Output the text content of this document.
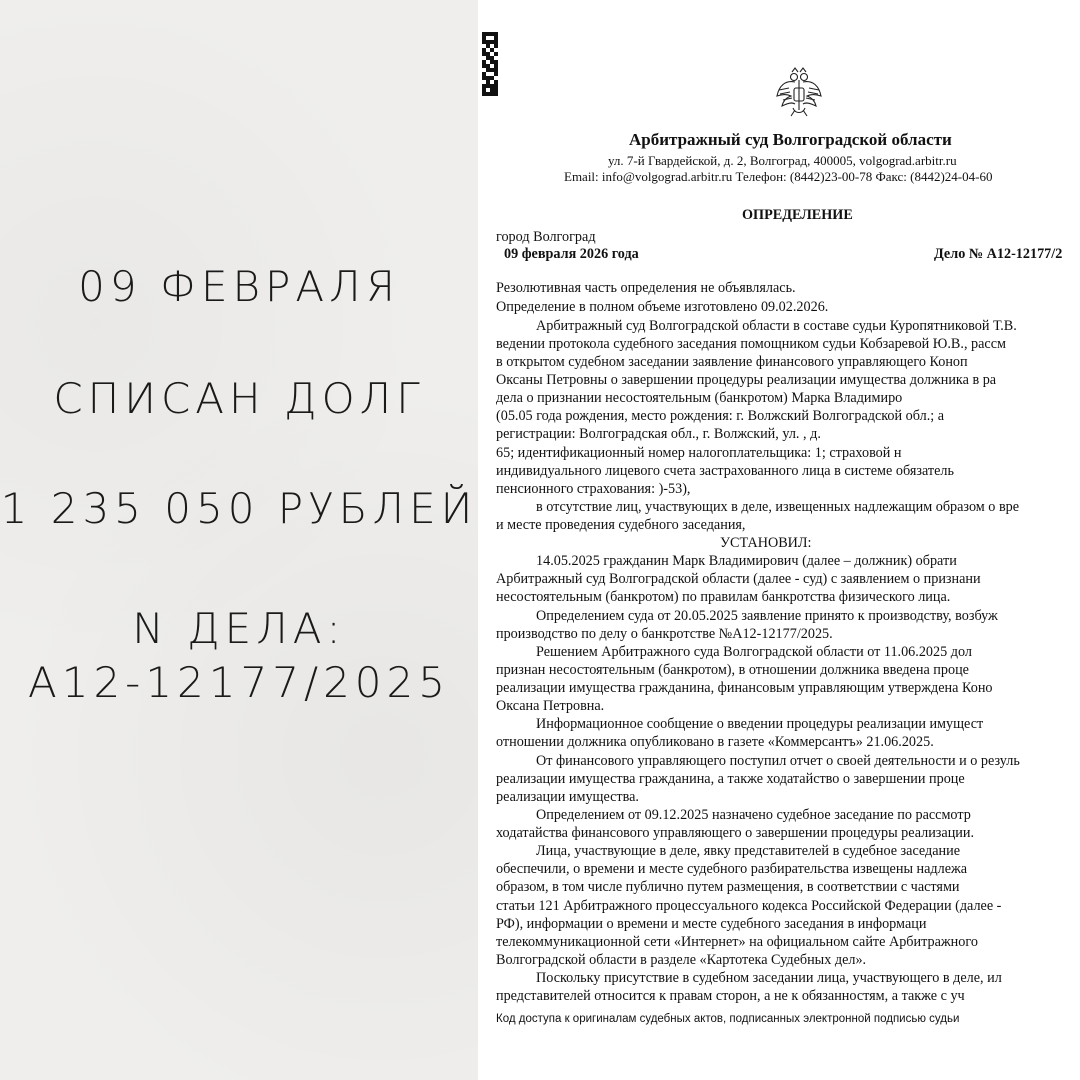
09 ФЕВРАЛЯ
СПИСАН ДОЛГ
1 235 050 РУБЛЕЙ
N ДЕЛА:
А12-12177/2025
Арбитражный суд Волгоградской области
ул. 7-й Гвардейской, д. 2, Волгоград, 400005, volgograd.arbitr.ru
Email: info@volgograd.arbitr.ru Телефон: (8442)23-00-78 Факс: (8442)24-04-60
ОПРЕДЕЛЕНИЕ
город Волгоград
09 февраля 2026 года	Дело № А12-12177/2
Резолютивная часть определения не объявлялась.
Определение в полном объеме изготовлено 09.02.2026.
Арбитражный суд Волгоградской области в составе судьи Куропятниковой Т.В.
ведении протокола судебного заседания помощником судьи Кобзаревой Ю.В., рассм
в открытом судебном заседании заявление финансового управляющего Коноп
Оксаны Петровны о завершении процедуры реализации имущества должника в ра
дела о признании несостоятельным (банкротом) Марка Владимиро
(05.05 года рождения, место рождения: г. Волжский Волгоградской обл.; а
регистрации: Волгоградская обл., г. Волжский, ул. , д.
65; идентификационный номер налогоплательщика: 1; страховой н
индивидуального лицевого счета застрахованного лица в системе обязатель
пенсионного страхования: )-53),
в отсутствие лиц, участвующих в деле, извещенных надлежащим образом о вре
и месте проведения судебного заседания,
УСТАНОВИЛ:
14.05.2025 гражданин Марк Владимирович (далее – должник) обрати
Арбитражный суд Волгоградской области (далее - суд) с заявлением о признани
несостоятельным (банкротом) по правилам банкротства физического лица.
Определением суда от 20.05.2025 заявление принято к производству, возбуж
производство по делу о банкротстве №А12-12177/2025.
Решением Арбитражного суда Волгоградской области от 11.06.2025 дол
признан несостоятельным (банкротом), в отношении должника введена проце
реализации имущества гражданина, финансовым управляющим утверждена Коно
Оксана Петровна.
Информационное сообщение о введении процедуры реализации имущест
отношении должника опубликовано в газете «Коммерсантъ» 21.06.2025.
От финансового управляющего поступил отчет о своей деятельности и о резуль
реализации имущества гражданина, а также ходатайство о завершении проце
реализации имущества.
Определением от 09.12.2025 назначено судебное заседание по рассмотр
ходатайства финансового управляющего о завершении процедуры реализации.
Лица, участвующие в деле, явку представителей в судебное заседание
обеспечили, о времени и месте судебного разбирательства извещены надлежа
образом, в том числе публично путем размещения, в соответствии с частями
статьи 121 Арбитражного процессуального кодекса Российской Федерации (далее -
РФ), информации о времени и месте судебного заседания в информаци
телекоммуникационной сети «Интернет» на официальном сайте Арбитражного
Волгоградской области в разделе «Картотека Судебных дел».
Поскольку присутствие в судебном заседании лица, участвующего в деле, ил
представителей относится к правам сторон, а не к обязанностям, а также с уч
Код доступа к оригиналам судебных актов, подписанных электронной подписью судьи
